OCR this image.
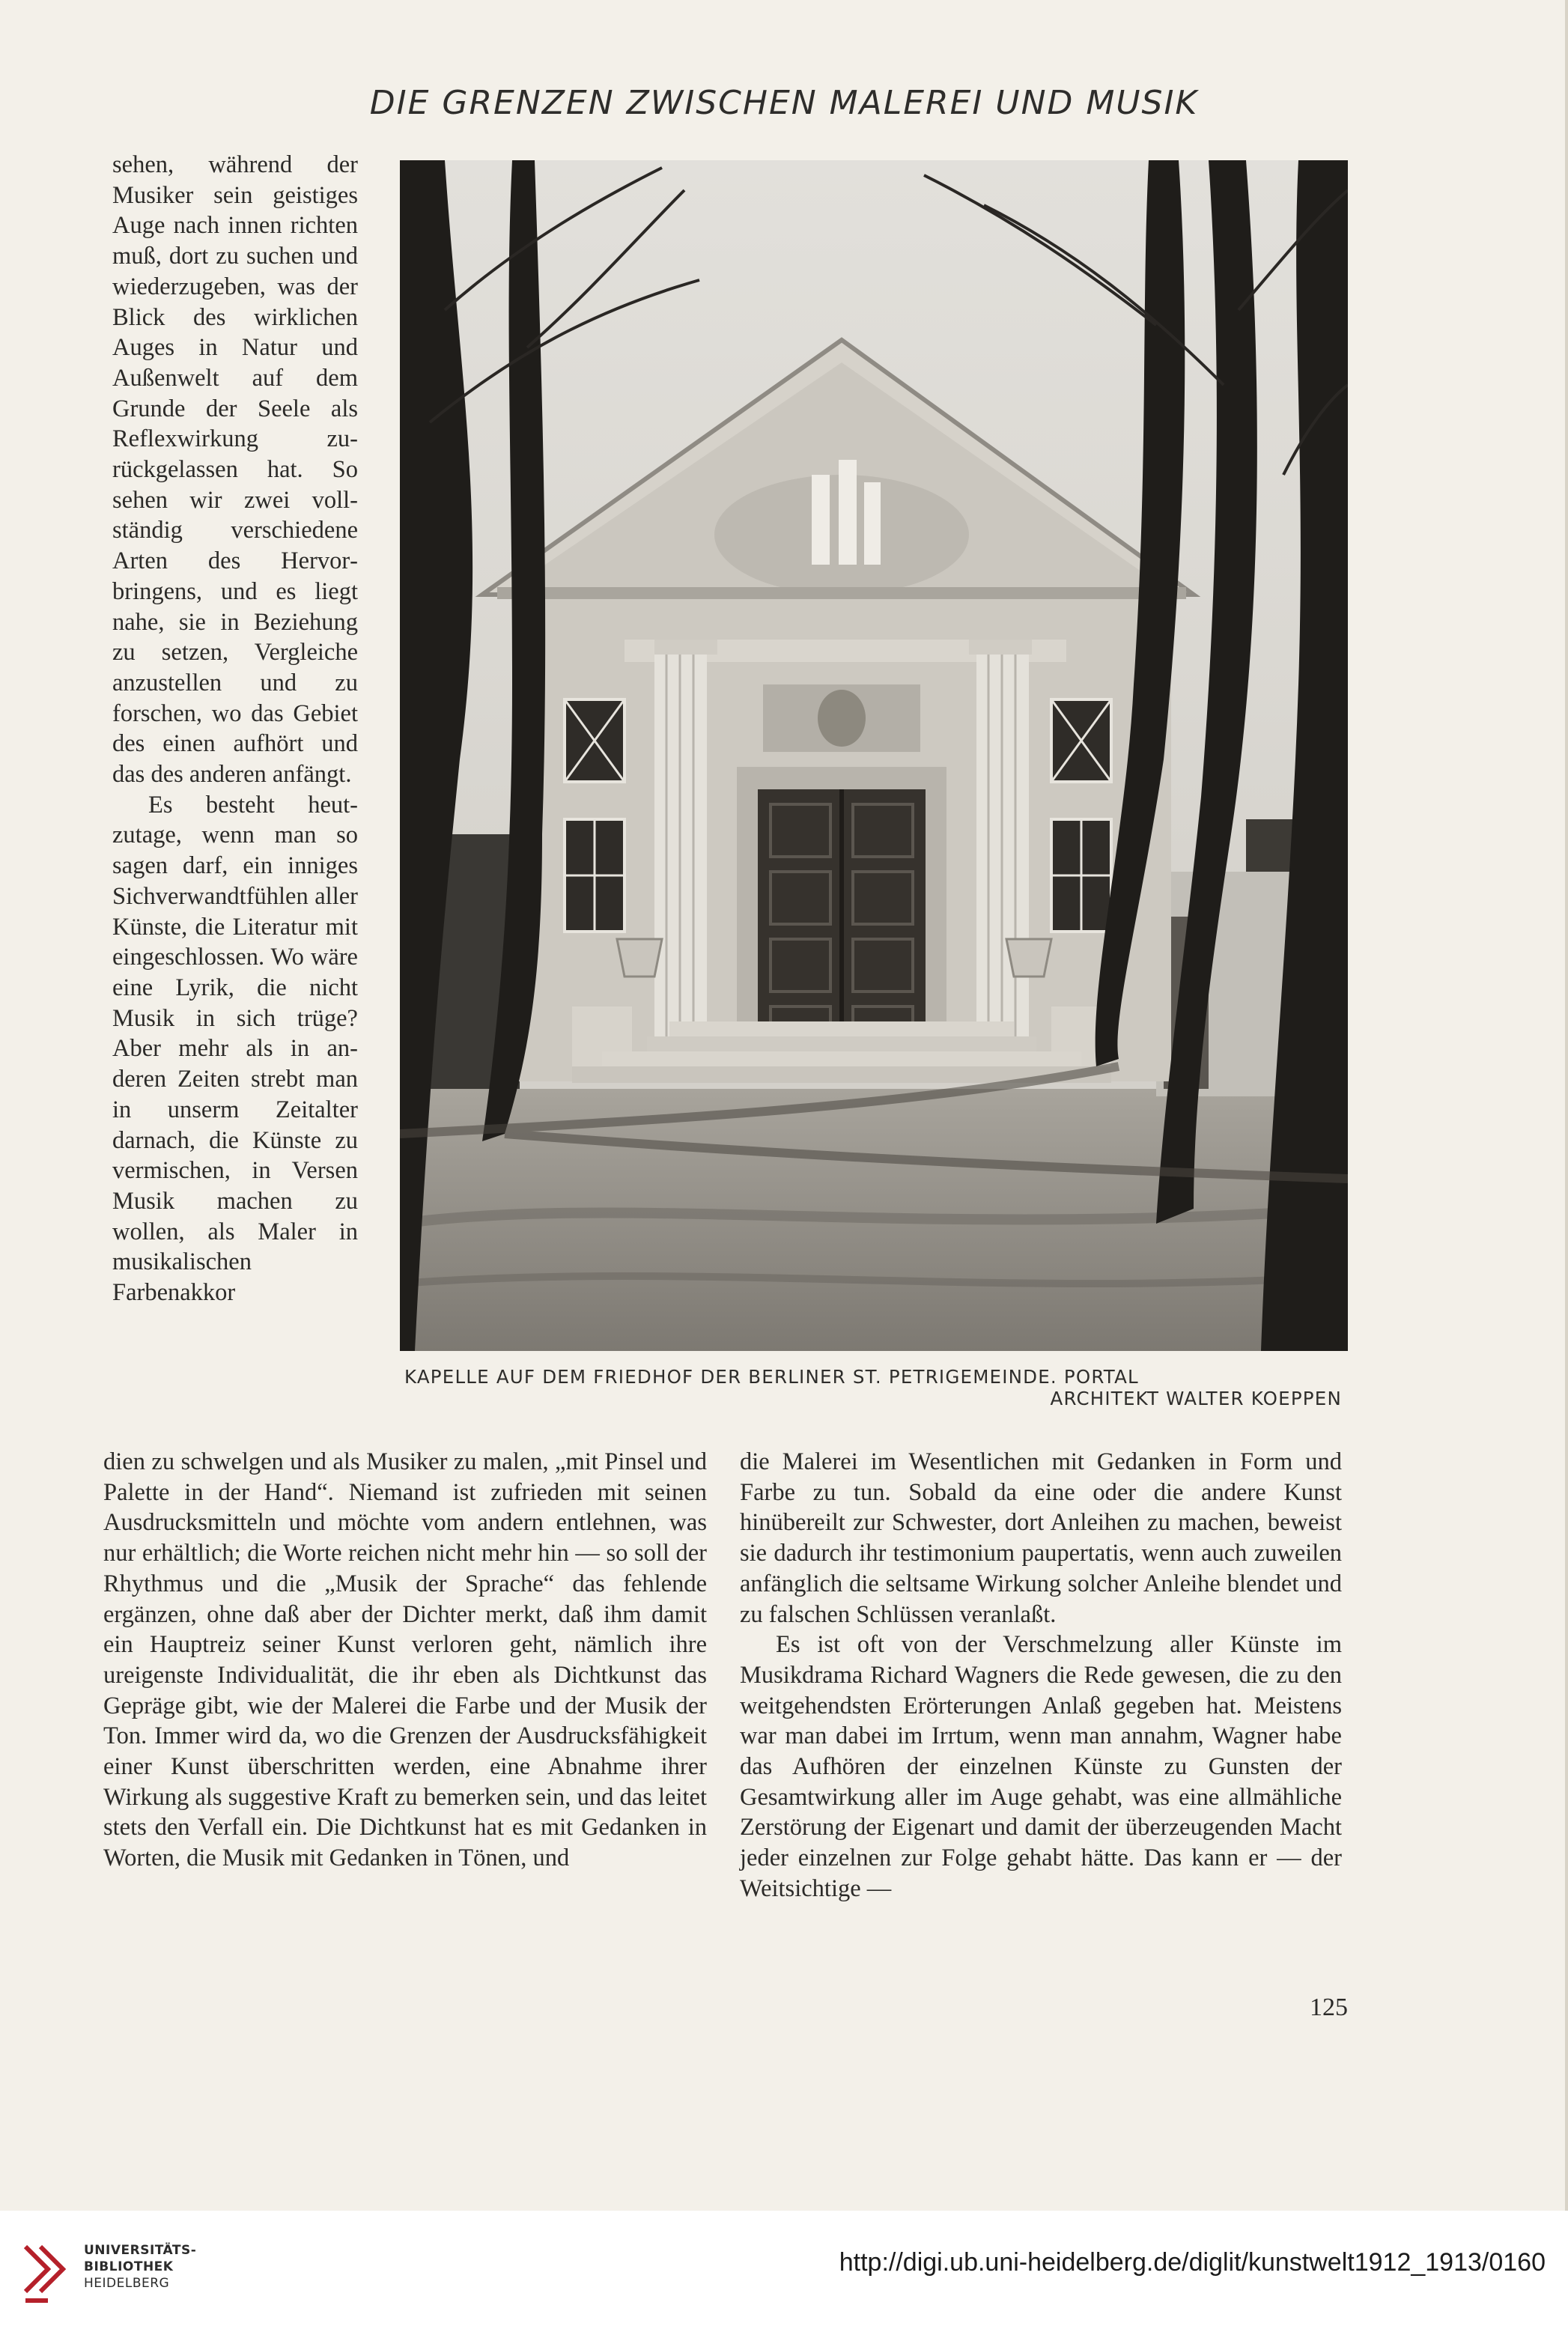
DIE GRENZEN ZWISCHEN MALEREI UND MUSIK

sehen, während der Musiker sein geistiges Auge nach innen richten muß, dort zu suchen und wiederzugeben, was der Blick des wirklichen Auges in Natur und Außenwelt auf dem Grunde der Seele als Reflexwirkung zurückgelassen hat. So sehen wir zwei vollständig verschiedene Arten des Hervorbringens, und es liegt nahe, sie in Beziehung zu setzen, Vergleiche anzustellen und zu forschen, wo das Gebiet des einen aufhört und das des anderen anfängt.

Es besteht heutzutage, wenn man so sagen darf, ein inniges Sichverwandtfühlen aller Künste, die Literatur mit eingeschlossen. Wo wäre eine Lyrik, die nicht Musik in sich trüge? Aber mehr als in anderen Zeiten strebt man in unserm Zeitalter darnach, die Künste zu vermischen, in Versen Musik machen zu wollen, als Maler in musikalischen Farbenakkor

KAPELLE AUF DEM FRIEDHOF DER BERLINER ST. PETRIGEMEINDE. PORTAL
ARCHITEKT WALTER KOEPPEN

dien zu schwelgen und als Musiker zu malen, „mit Pinsel und Palette in der Hand“. Niemand ist zufrieden mit seinen Ausdrucksmitteln und möchte vom andern entlehnen, was nur erhältlich; die Worte reichen nicht mehr hin — so soll der Rhythmus und die „Musik der Sprache“ das fehlende ergänzen, ohne daß aber der Dichter merkt, daß ihm damit ein Hauptreiz seiner Kunst verloren geht, nämlich ihre ureigenste Individualität, die ihr eben als Dichtkunst das Gepräge gibt, wie der Malerei die Farbe und der Musik der Ton. Immer wird da, wo die Grenzen der Ausdrucksfähigkeit einer Kunst überschritten werden, eine Abnahme ihrer Wirkung als suggestive Kraft zu bemerken sein, und das leitet stets den Verfall ein. Die Dichtkunst hat es mit Gedanken in Worten, die Musik mit Gedanken in Tönen, und

die Malerei im Wesentlichen mit Gedanken in Form und Farbe zu tun. Sobald da eine oder die andere Kunst hinübereilt zur Schwester, dort Anleihen zu machen, beweist sie dadurch ihr testimonium paupertatis, wenn auch zuweilen anfänglich die seltsame Wirkung solcher Anleihe blendet und zu falschen Schlüssen veranlaßt.

Es ist oft von der Verschmelzung aller Künste im Musikdrama Richard Wagners die Rede gewesen, die zu den weitgehendsten Erörterungen Anlaß gegeben hat. Meistens war man dabei im Irrtum, wenn man annahm, Wagner habe das Aufhören der einzelnen Künste zu Gunsten der Gesamtwirkung aller im Auge gehabt, was eine allmähliche Zerstörung der Eigenart und damit der überzeugenden Macht jeder einzelnen zur Folge gehabt hätte. Das kann er — der Weitsichtige —

125
UNIVERSITÄTS-
BIBLIOTHEK
HEIDELBERG
http://digi.ub.uni-heidelberg.de/diglit/kunstwelt1912_1913/0160
